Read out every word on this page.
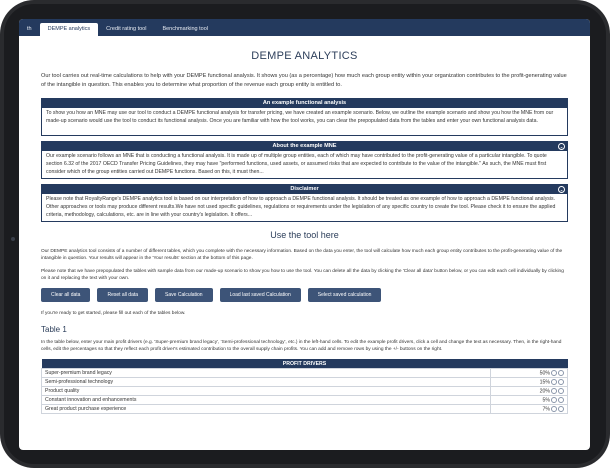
th	DEMPE analytics	Credit rating tool	Benchmarking tool
DEMPE ANALYTICS

Our tool carries out real-time calculations to help with your DEMPE functional analysis. It shows you (as a percentage) how much each group entity within your organization contributes to the profit-generating value of the intangible in question. This enables you to determine what proportion of the revenue each group entity is entitled to.

An example functional analysis
To show you how an MNE may use our tool to conduct a DEMPE functional analysis for transfer pricing, we have created an example scenario. Below, we outline the example scenario and show you how the MNE from our made-up scenario would use the tool to conduct its functional analysis. Once you are familiar with how the tool works, you can clear the prepopulated data from the tables and enter your own functional analysis data.
About the example MNE	⌄
Our example scenario follows an MNE that is conducting a functional analysis. It is made up of multiple group entities, each of which may have contributed to the profit-generating value of a particular intangible. To quote section 6.32 of the 2017 OECD Transfer Pricing Guidelines, they may have "performed functions, used assets, or assumed risks that are expected to contribute to the value of the intangible." As such, the MNE must first consider which of the group entities carried out DEMPE functions. Based on this, it must then...
Disclaimer	⌄
Please note that RoyaltyRange's DEMPE analytics tool is based on our interpretation of how to approach a DEMPE functional analysis. It should be treated as one example of how to approach a DEMPE functional analysis. Other approaches or tools may produce different results.We have not used specific guidelines, regulations or requirements under the legislation of any specific country to create the tool. Please check it to ensure the applied criteria, methodology, calculations, etc. are in line with your country's legislation. It offers...
Use the tool here

Our DEMPE analytics tool consists of a number of different tables, which you complete with the necessary information. Based on the data you enter, the tool will calculate how much each group entity contributes to the profit-generating value of the intangible in question. Your results will appear in the 'Your results' section at the bottom of this page.

Please note that we have prepopulated the tables with sample data from our made-up scenario to show you how to use the tool. You can delete all the data by clicking the 'Clear all data' button below, or you can edit each cell individually by clicking on it and replacing the text with your own.

Clear all data	Reset all data	Save Calculation	Load last saved Calculation	Select saved calculation

If you're ready to get started, please fill out each of the tables below.

Table 1

In the table below, enter your main profit drivers (e.g. 'Super-premium brand legacy', 'Semi-professional technology', etc.) in the left-hand cells. To edit the example profit drivers, click a cell and change the text as necessary. Then, in the right-hand cells, edit the percentages so that they reflect each profit driver's estimated contribution to the overall supply chain profits. You can add and remove rows by using the +/- buttons on the right.

PROFIT DRIVERS	
Super-premium brand legacy	50%
Semi-professional technology	15%
Product quality	20%
Constant innovation and enhancements	5%
Great product purchase experience	7%
